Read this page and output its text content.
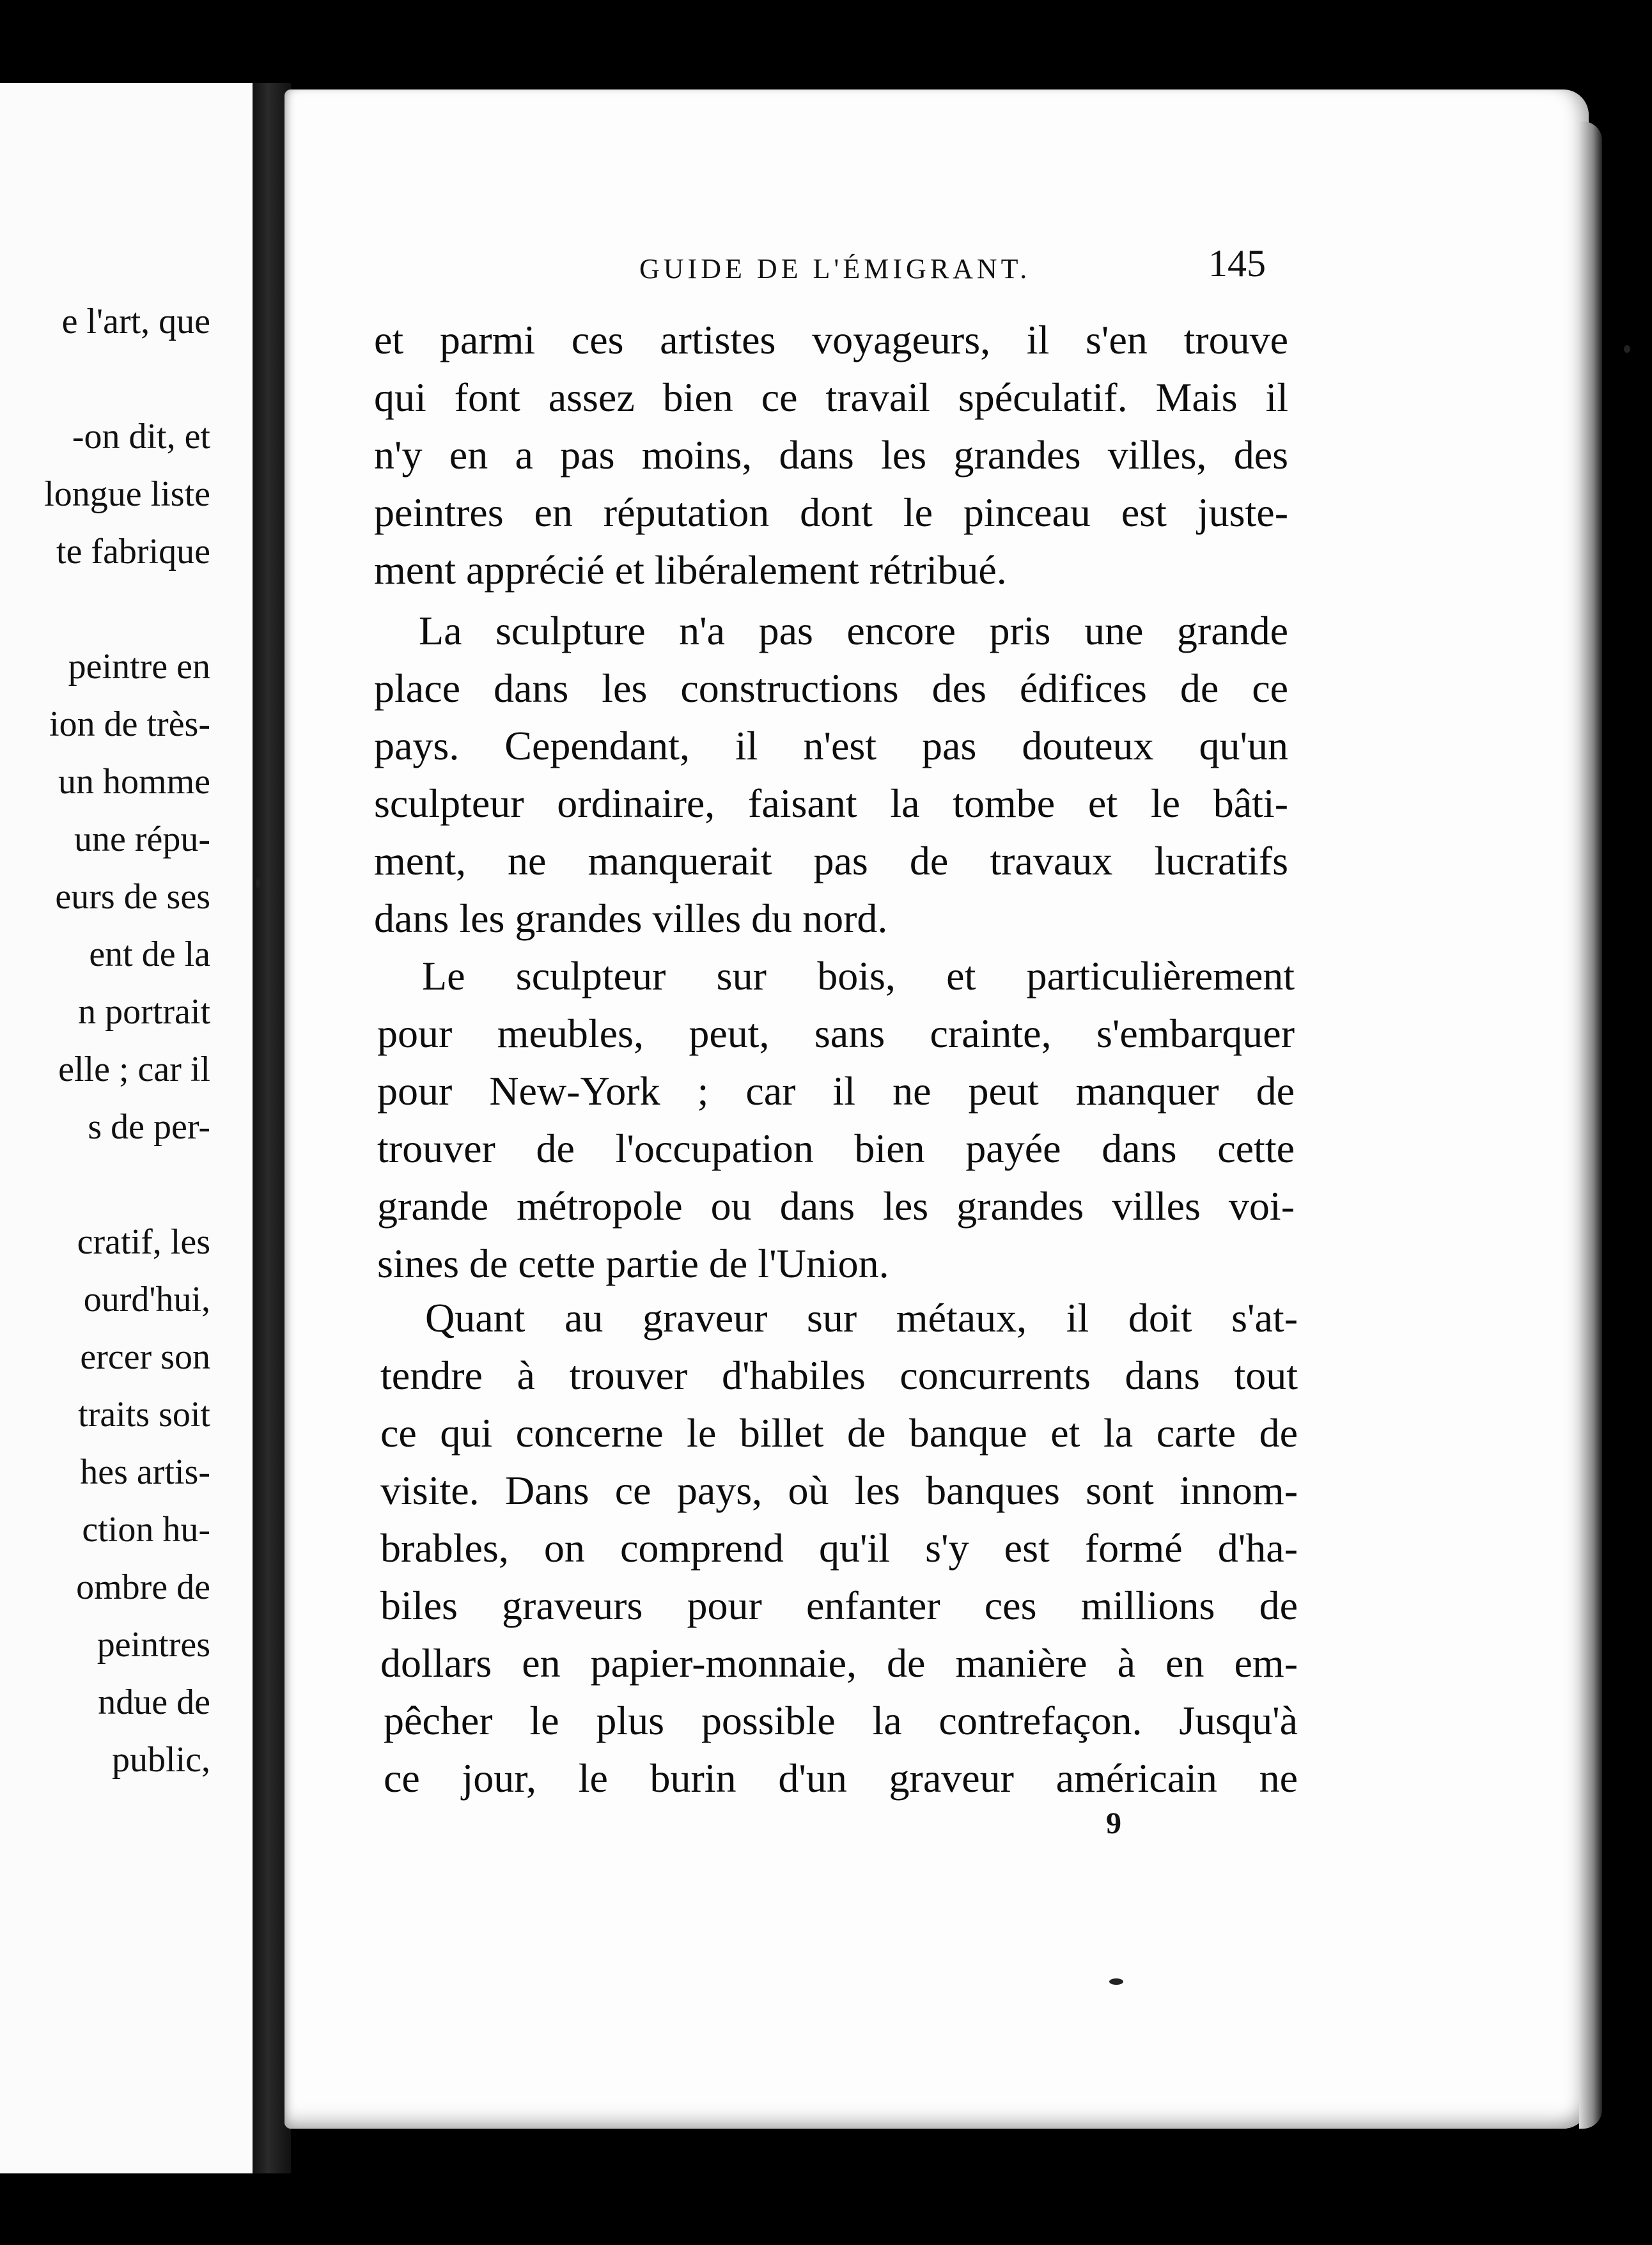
e l'art, que
-on dit, et
longue liste
te fabrique
peintre en
ion de très-
un homme
une répu-
eurs de ses
ent de la
n portrait
elle ; car il
s de per-
cratif, les
ourd'hui,
ercer son
traits soit
hes artis-
ction hu-
ombre de
peintres
ndue de
public,
GUIDE DE L'ÉMIGRANT.	145
et parmi ces artistes voyageurs, il s'en trouve
qui font assez bien ce travail spéculatif. Mais il
n'y en a pas moins, dans les grandes villes, des
peintres en réputation dont le pinceau est juste-
ment apprécié et libéralement rétribué.
La sculpture n'a pas encore pris une grande
place dans les constructions des édifices de ce
pays. Cependant, il n'est pas douteux qu'un
sculpteur ordinaire, faisant la tombe et le bâti-
ment, ne manquerait pas de travaux lucratifs
dans les grandes villes du nord.
Le sculpteur sur bois, et particulièrement
pour meubles, peut, sans crainte, s'embarquer
pour New-York ; car il ne peut manquer de
trouver de l'occupation bien payée dans cette
grande métropole ou dans les grandes villes voi-
sines de cette partie de l'Union.
Quant au graveur sur métaux, il doit s'at-
tendre à trouver d'habiles concurrents dans tout
ce qui concerne le billet de banque et la carte de
visite. Dans ce pays, où les banques sont innom-
brables, on comprend qu'il s'y est formé d'ha-
biles graveurs pour enfanter ces millions de
dollars en papier-monnaie, de manière à en em-
pêcher le plus possible la contrefaçon. Jusqu'à
ce jour, le burin d'un graveur américain ne
9
